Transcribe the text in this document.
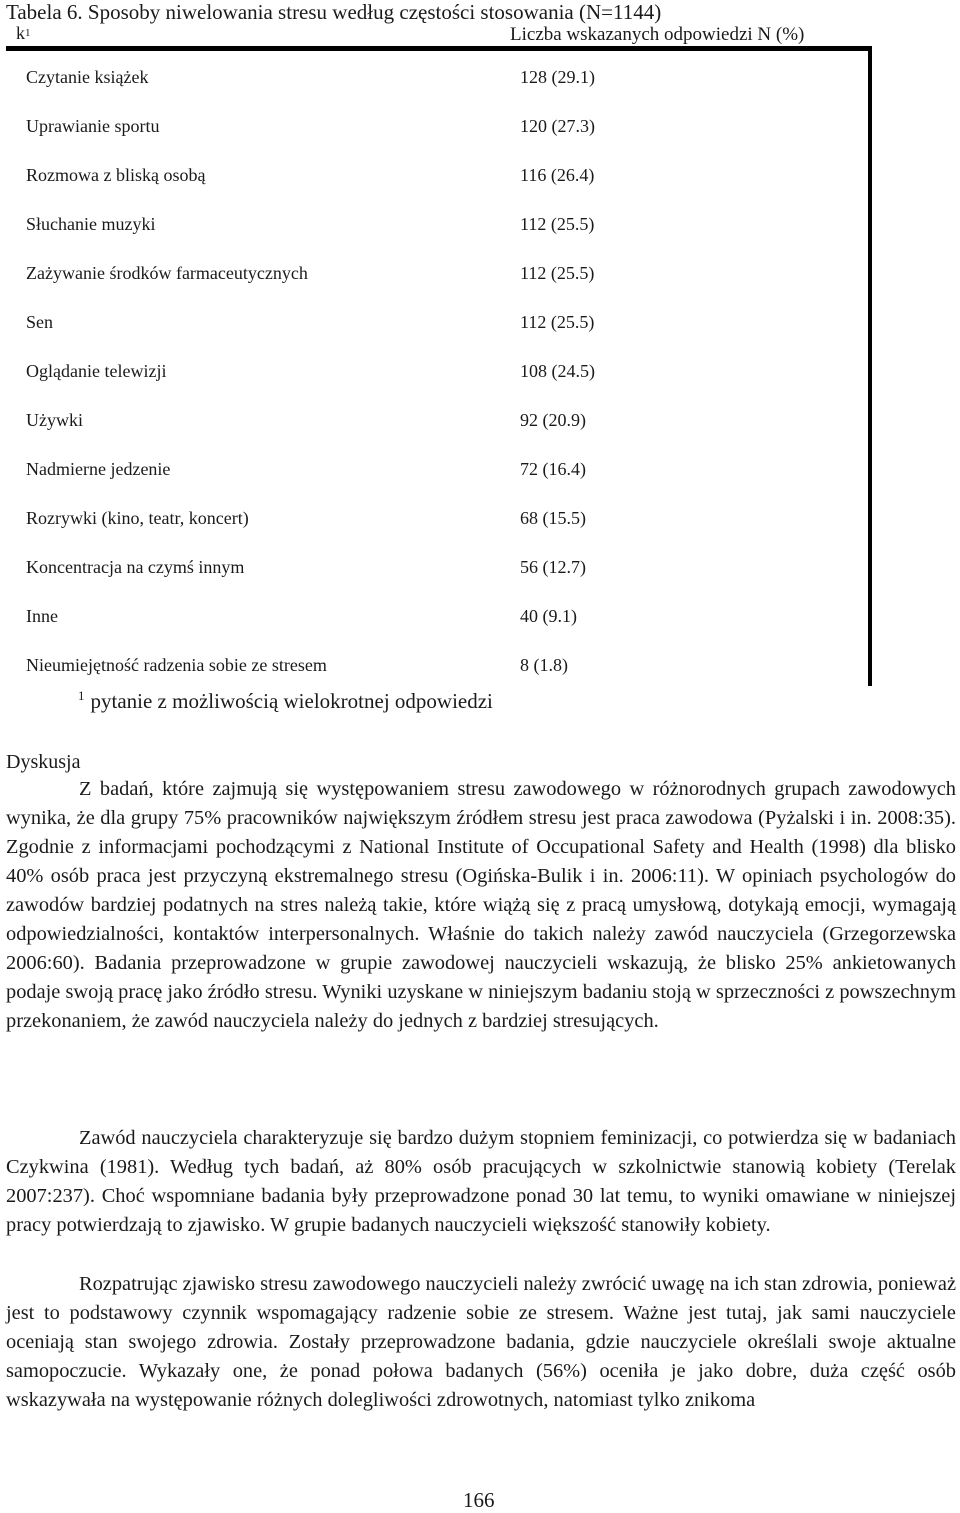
Tabela 6. Sposoby niwelowania stresu według częstości stosowania (N=1144)
$k^1$	Liczba wskazanych odpowiedzi N (%)
Czytanie książek	128 (29.1)
Uprawianie sportu	120 (27.3)
Rozmowa z bliską osobą	116 (26.4)
Słuchanie muzyki	112 (25.5)
Zażywanie środków farmaceutycznych	112 (25.5)
Sen	112 (25.5)
Oglądanie telewizji	108 (24.5)
Używki	92 (20.9)
Nadmierne jedzenie	72 (16.4)
Rozrywki (kino, teatr, koncert)	68 (15.5)
Koncentracja na czymś innym	56 (12.7)
Inne	40 (9.1)
Nieumiejętność radzenia sobie ze stresem	8 (1.8)
$^1$ pytanie z możliwością wielokrotnej odpowiedzi
Dyskusja
Z badań, które zajmują się występowaniem stresu zawodowego w różnorodnych grupach zawodowych wynika, że dla grupy 75% pracowników największym źródłem stresu jest praca zawodowa (Pyżalski i in. 2008:35). Zgodnie z informacjami pochodzącymi z National Institute of Occupational Safety and Health (1998) dla blisko 40% osób praca jest przyczyną ekstremalnego stresu (Ogińska-Bulik i in. 2006:11). W opiniach psychologów do zawodów bardziej podatnych na stres należą takie, które wiążą się z pracą umysłową, dotykają emocji, wymagają odpowiedzialności, kontaktów interpersonalnych. Właśnie do takich należy zawód nauczyciela (Grzegorzewska 2006:60). Badania przeprowadzone w grupie zawodowej nauczycieli wskazują, że blisko 25% ankietowanych podaje swoją pracę jako źródło stresu. Wyniki uzyskane w niniejszym badaniu stoją w sprzeczności z powszechnym przekonaniem, że zawód nauczyciela należy do jednych z bardziej stresujących.
Zawód nauczyciela charakteryzuje się bardzo dużym stopniem feminizacji, co potwierdza się w badaniach Czykwina (1981). Według tych badań, aż 80% osób pracujących w szkolnictwie stanowią kobiety (Terelak 2007:237). Choć wspomniane badania były przeprowadzone ponad 30 lat temu, to wyniki omawiane w niniejszej pracy potwierdzają to zjawisko. W grupie badanych nauczycieli większość stanowiły kobiety.
Rozpatrując zjawisko stresu zawodowego nauczycieli należy zwrócić uwagę na ich stan zdrowia, ponieważ jest to podstawowy czynnik wspomagający radzenie sobie ze stresem. Ważne jest tutaj, jak sami nauczyciele oceniają stan swojego zdrowia. Zostały przeprowadzone badania, gdzie nauczyciele określali swoje aktualne samopoczucie. Wykazały one, że ponad połowa badanych (56%) oceniła je jako dobre, duża część osób wskazywała na występowanie różnych dolegliwości zdrowotnych, natomiast tylko znikoma
166
